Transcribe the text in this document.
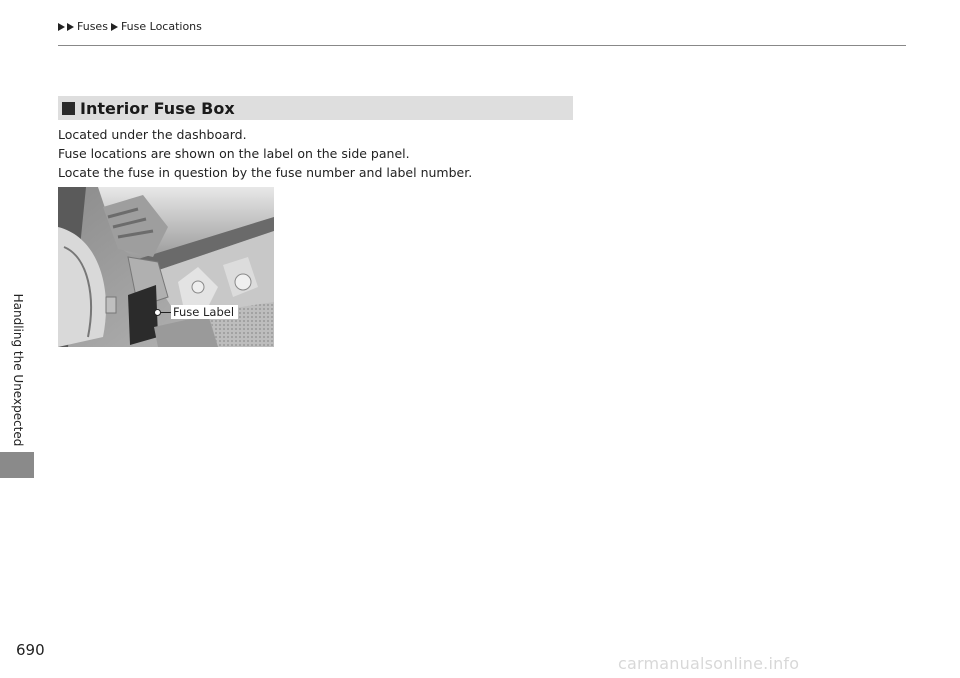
Fuses Fuse Locations
Handling the Unexpected
Interior Fuse Box

Located under the dashboard.

Fuse locations are shown on the label on the side panel.

Locate the fuse in question by the fuse number and label number.

Fuse Label
690
carmanualsonline.info
